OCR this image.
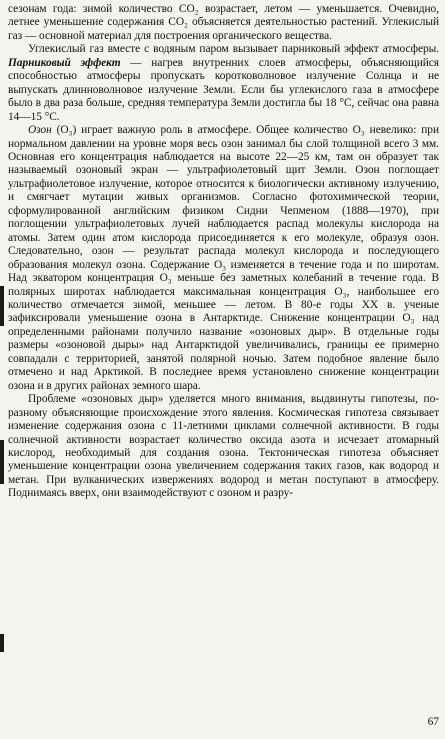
сезонам года: зимой количество CO₂ возрастает, летом — уменьшается. Очевидно, летнее уменьшение содержания CO₂ объясняется деятельностью растений. Углекислый газ — основной материал для построения органического вещества.

Углекислый газ вместе с водяным паром вызывает парниковый эффект атмосферы. Парниковый эффект — нагрев внутренних слоев атмосферы, объясняющийся способностью атмосферы пропускать коротковолновое излучение Солнца и не выпускать длинноволновое излучение Земли. Если бы углекислого газа в атмосфере было в два раза больше, средняя температура Земли достигла бы 18 °C, сейчас она равна 14—15 °C.

Озон (O₃) играет важную роль в атмосфере. Общее количество O₃ невелико: при нормальном давлении на уровне моря весь озон занимал бы слой толщиной всего 3 мм. Основная его концентрация наблюдается на высоте 22—25 км, там он образует так называемый озоновый экран — ультрафиолетовый щит Земли. Озон поглощает ультрафиолетовое излучение, которое относится к биологически активному излучению, и смягчает мутации живых организмов. Согласно фотохимической теории, сформулированной английским физиком Сидни Чепменом (1888—1970), при поглощении ультрафиолетовых лучей наблюдается распад молекулы кислорода на атомы. Затем один атом кислорода присоединяется к его молекуле, образуя озон. Следовательно, озон — результат распада молекул кислорода и последующего образования молекул озона. Содержание O₃ изменяется в течение года и по широтам. Над экватором концентрация O₃ меньше без заметных колебаний в течение года. В полярных широтах наблюдается максимальная концентрация O₃, наибольшее его количество отмечается зимой, меньшее — летом. В 80-е годы XX в. ученые зафиксировали уменьшение озона в Антарктиде. Снижение концентрации O₃ над определенными районами получило название «озоновых дыр». В отдельные годы размеры «озоновой дыры» над Антарктидой увеличивались, границы ее примерно совпадали с территорией, занятой полярной ночью. Затем подобное явление было отмечено и над Арктикой. В последнее время установлено снижение концентрации озона и в других районах земного шара.

Проблеме «озоновых дыр» уделяется много внимания, выдвинуты гипотезы, по-разному объясняющие происхождение этого явления. Космическая гипотеза связывает изменение содержания озона с 11-летними циклами солнечной активности. В годы солнечной активности возрастает количество оксида азота и исчезает атомарный кислород, необходимый для создания озона. Тектоническая гипотеза объясняет уменьшение концентрации озона увеличением содержания таких газов, как водород и метан. При вулканических извержениях водород и метан поступают в атмосферу. Поднимаясь вверх, они взаимодействуют с озоном и разру-

67
